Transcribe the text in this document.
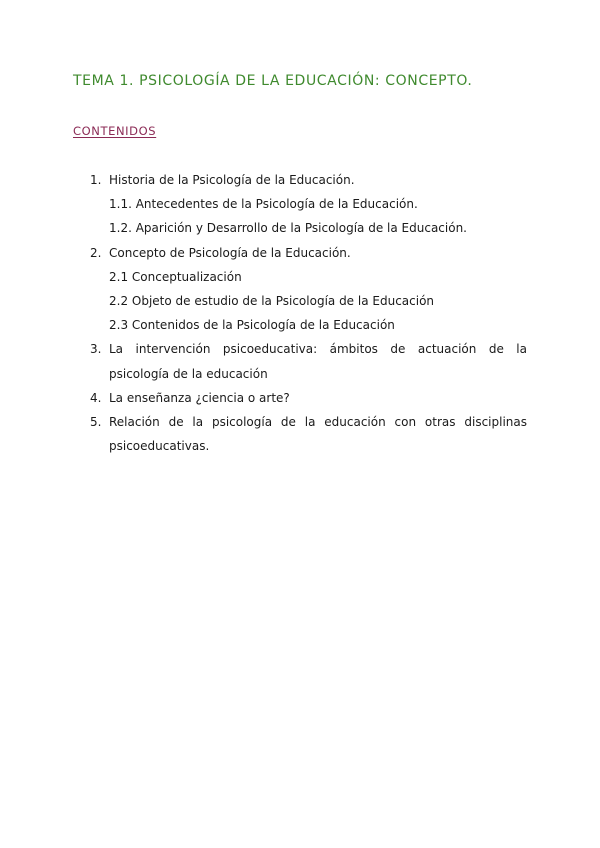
TEMA 1. PSICOLOGÍA DE LA EDUCACIÓN: CONCEPTO.
CONTENIDOS
1. Historia de la Psicología de la Educación.
1.1. Antecedentes de la Psicología de la Educación.
1.2. Aparición y Desarrollo de la Psicología de la Educación.
2. Concepto de Psicología de la Educación.
2.1 Conceptualización
2.2 Objeto de estudio de la Psicología de la Educación
2.3 Contenidos de la Psicología de la Educación
3. La intervención psicoeducativa: ámbitos de actuación de la psicología de la educación
4. La enseñanza ¿ciencia o arte?
5. Relación de la psicología de la educación con otras disciplinas psicoeducativas.
